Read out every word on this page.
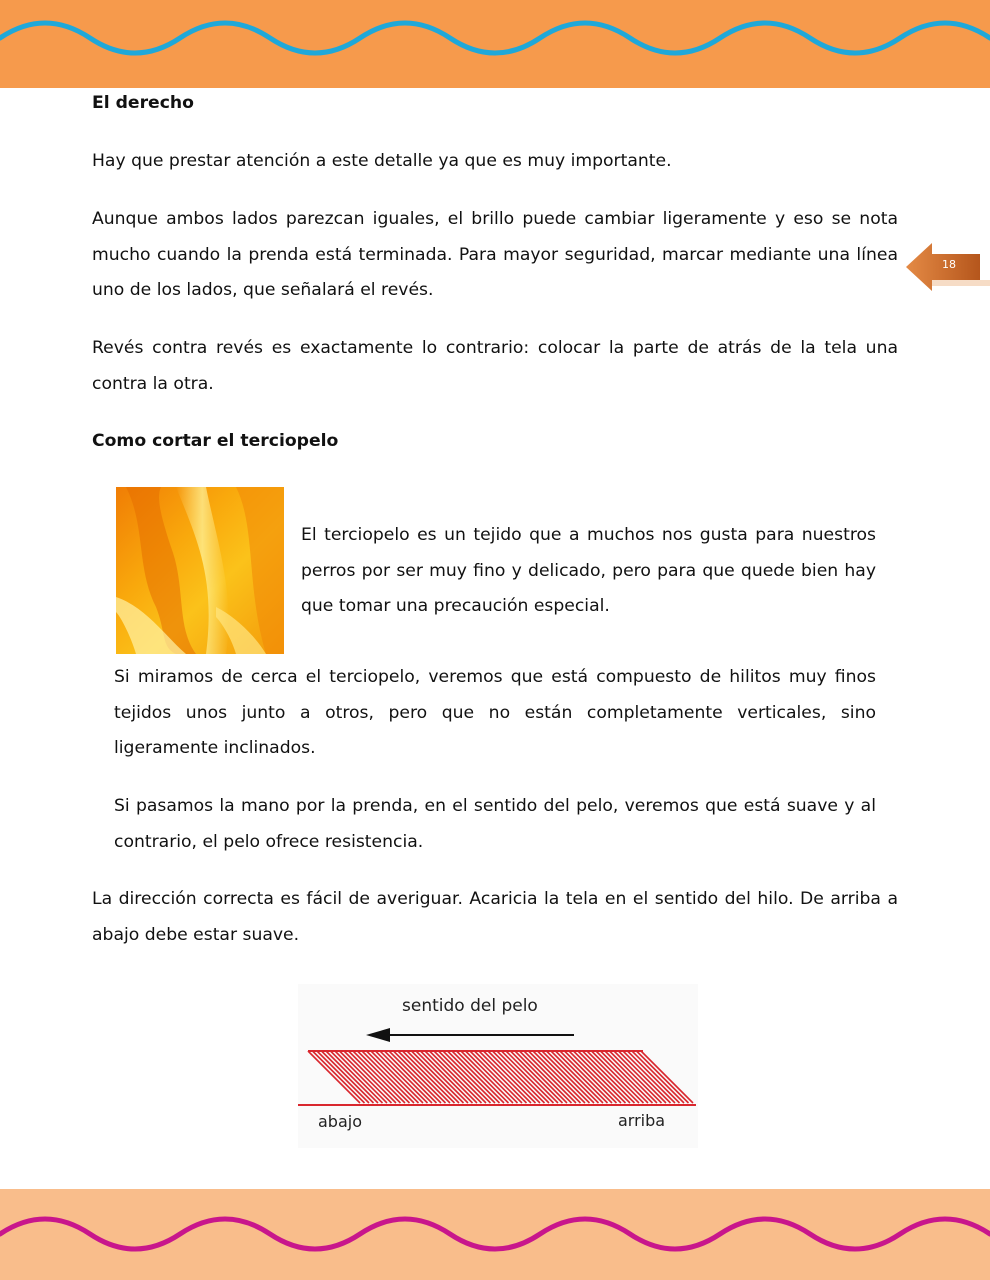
18

El derecho

Hay que prestar atención a este detalle ya que es muy importante.

Aunque ambos lados parezcan iguales, el brillo puede cambiar ligeramente y eso se nota mucho cuando la prenda está terminada. Para mayor seguridad, marcar mediante una línea uno de los lados, que señalará el revés.

Revés contra revés es exactamente lo contrario: colocar la parte de atrás de la tela una contra la otra.

Como cortar el terciopelo

El terciopelo es un tejido que a muchos nos gusta para nuestros perros por ser muy fino y delicado, pero para que quede bien hay que tomar una precaución especial.

Si miramos de cerca el terciopelo, veremos que está compuesto de hilitos muy finos tejidos unos junto a otros, pero que no están completamente verticales, sino ligeramente inclinados.

Si pasamos la mano por la prenda, en el sentido del pelo, veremos que está suave y al contrario, el pelo ofrece resistencia.

La dirección correcta es fácil de averiguar. Acaricia la tela en el sentido del hilo. De arriba a abajo debe estar suave.

sentido del pelo
abajo	arriba
